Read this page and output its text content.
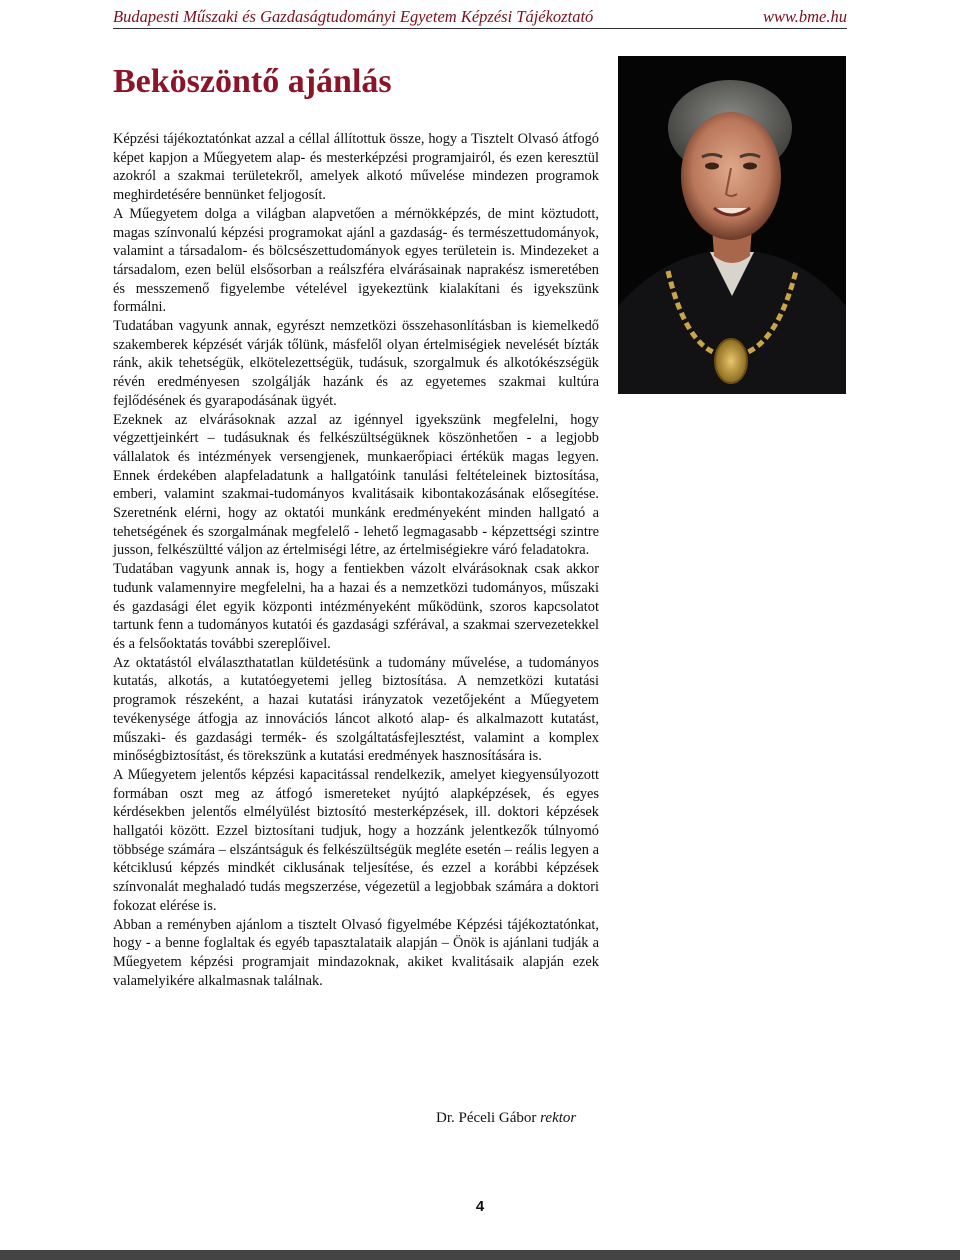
Budapesti Műszaki és Gazdaságtudományi Egyetem Képzési Tájékoztató	www.bme.hu
Beköszöntő ajánlás

Képzési tájékoztatónkat azzal a céllal állítottuk össze, hogy a Tisztelt Olvasó átfogó képet kapjon a Műegyetem alap- és mesterképzési programjairól, és ezen keresztül azokról a szakmai területekről, amelyek alkotó művelése mindezen programok meghirdetésére bennünket feljogosít.

A Műegyetem dolga a világban alapvetően a mérnökképzés, de mint köztudott, magas színvonalú képzési programokat ajánl a gazdaság- és természettudományok, valamint a társadalom- és bölcsészettudományok egyes területein is. Mindezeket a társadalom, ezen belül elsősorban a reálszféra elvárásainak naprakész ismeretében és messzemenő figyelembe vételével igyekeztünk kialakítani és igyekszünk formálni.

Tudatában vagyunk annak, egyrészt nemzetközi összehasonlításban is kiemelkedő szakemberek képzését várják tőlünk, másfelől olyan értelmiségiek nevelését bízták ránk, akik tehetségük, elkötelezettségük, tudásuk, szorgalmuk és alkotókészségük révén eredményesen szolgálják hazánk és az egyetemes szakmai kultúra fejlődésének és gyarapodásának ügyét.

Ezeknek az elvárásoknak azzal az igénnyel igyekszünk megfelelni, hogy végzettjeinkért – tudásuknak és felkészültségüknek köszönhetően - a legjobb vállalatok és intézmények versengjenek, munkaerőpiaci értékük magas legyen. Ennek érdekében alapfeladatunk a hallgatóink tanulási feltételeinek biztosítása, emberi, valamint szakmai-tudományos kvalitásaik kibontakozásának elősegítése. Szeretnénk elérni, hogy az oktatói munkánk eredményeként minden hallgató a tehetségének és szorgalmának megfelelő - lehető legmagasabb - képzettségi szintre jusson, felkészültté váljon az értelmiségi létre, az értelmiségiekre váró feladatokra.

Tudatában vagyunk annak is, hogy a fentiekben vázolt elvárásoknak csak akkor tudunk valamennyire megfelelni, ha a hazai és a nemzetközi tudományos, műszaki és gazdasági élet egyik központi intézményeként működünk, szoros kapcsolatot tartunk fenn a tudományos kutatói és gazdasági szférával, a szakmai szervezetekkel és a felsőoktatás további szereplőivel.

Az oktatástól elválaszthatatlan küldetésünk a tudomány művelése, a tudományos kutatás, alkotás, a kutatóegyetemi jelleg biztosítása. A nemzetközi kutatási programok részeként, a hazai kutatási irányzatok vezetőjeként a Műegyetem tevékenysége átfogja az innovációs láncot alkotó alap- és alkalmazott kutatást, műszaki- és gazdasági termék- és szolgáltatásfejlesztést, valamint a komplex minőségbiztosítást, és törekszünk a kutatási eredmények hasznosítására is.

A Műegyetem jelentős képzési kapacitással rendelkezik, amelyet kiegyensúlyozott formában oszt meg az átfogó ismereteket nyújtó alapképzések, és egyes kérdésekben jelentős elmélyülést biztosító mesterképzések, ill. doktori képzések hallgatói között. Ezzel biztosítani tudjuk, hogy a hozzánk jelentkezők túlnyomó többsége számára – elszántságuk és felkészültségük megléte esetén – reális legyen a kétciklusú képzés mindkét ciklusának teljesítése, és ezzel a korábbi képzések színvonalát meghaladó tudás megszerzése, végezetül a legjobbak számára a doktori fokozat elérése is.

Abban a reményben ajánlom a tisztelt Olvasó figyelmébe Képzési tájékoztatónkat, hogy - a benne foglaltak és egyéb tapasztalataik alapján – Önök is ajánlani tudják a Műegyetem képzési programjait mindazoknak, akiket kvalitásaik alapján ezek valamelyikére alkalmasnak találnak.

Dr. Péceli Gábor rektor
4
